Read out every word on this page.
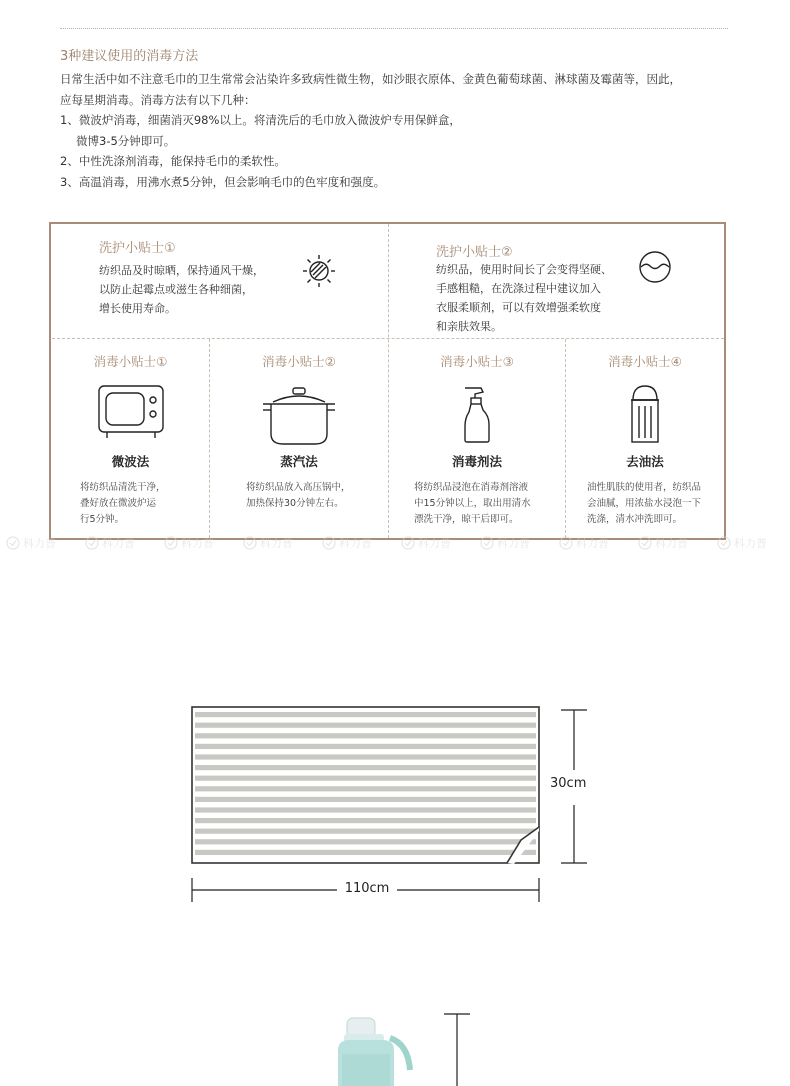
3种建议使用的消毒方法
日常生活中如不注意毛巾的卫生常常会沾染许多致病性微生物，如沙眼衣原体、金黄色葡萄球菌、淋球菌及霉菌等，因此，
应每星期消毒。消毒方法有以下几种：
1、微波炉消毒，细菌消灭98%以上。将清洗后的毛巾放入微波炉专用保鲜盒，
微博3-5分钟即可。
2、中性洗涤剂消毒，能保持毛巾的柔软性。
3、高温消毒，用沸水煮5分钟，但会影响毛巾的色牢度和强度。
洗护小贴士①
纺织品及时晾晒，保持通风干燥，
以防止起霉点或滋生各种细菌，
增长使用寿命。
洗护小贴士②
纺织品，使用时间长了会变得坚硬、
手感粗糙，在洗涤过程中建议加入
衣服柔顺剂，可以有效增强柔软度
和亲肤效果。
消毒小贴士①
微波法
将纺织品清洗干净，
叠好放在微波炉运
行5分钟。
消毒小贴士②
蒸汽法
将纺织品放入高压锅中，
加热保持30分钟左右。
消毒小贴士③
消毒剂法
将纺织品浸泡在消毒剂溶液
中15分钟以上，取出用清水
漂洗干净，晾干后即可。
消毒小贴士④
去油法
油性肌肤的使用者，纺织品
会油腻，用浓盐水浸泡一下
洗涤，清水冲洗即可。
科力普	科力普	科力普	科力普	科力普	科力普	科力普	科力普	科力普	科力普
110cm
30cm
